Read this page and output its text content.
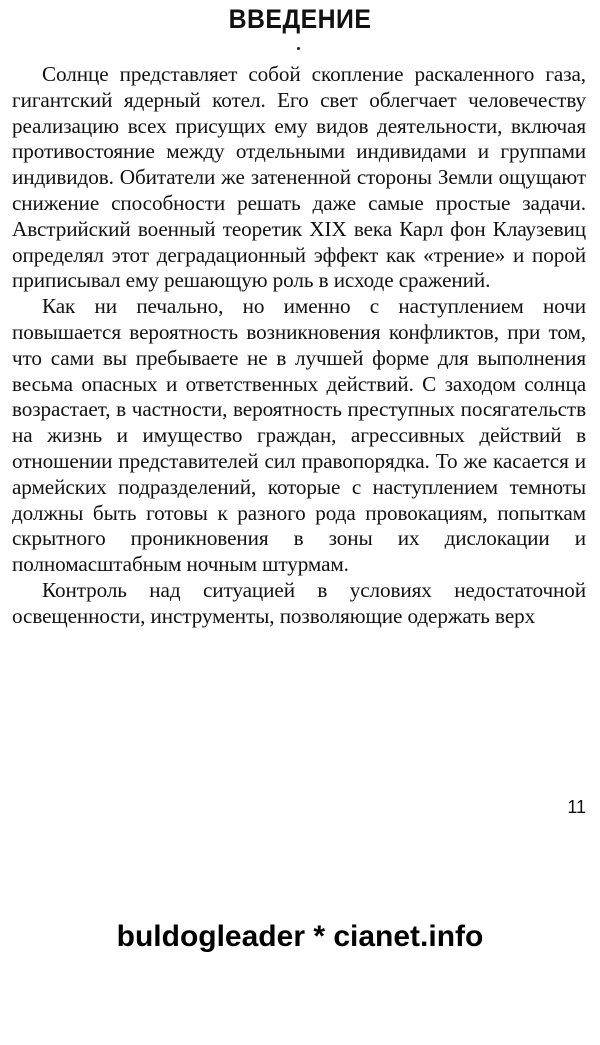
ВВЕДЕНИЕ

Солнце представляет собой скопление раскаленного газа, гигантский ядерный котел. Его свет облегчает человечеству реализацию всех присущих ему видов деятельности, включая противостояние между отдельными индивидами и группами индивидов. Обитатели же затененной стороны Земли ощущают снижение способности решать даже самые простые задачи. Австрийский военный теоретик XIX века Карл фон Клаузевиц определял этот деградационный эффект как «трение» и порой приписывал ему решающую роль в исходе сражений.

Как ни печально, но именно с наступлением ночи повышается вероятность возникновения конфликтов, при том, что сами вы пребываете не в лучшей форме для выполнения весьма опасных и ответственных действий. С заходом солнца возрастает, в частности, вероятность преступных посягательств на жизнь и имущество граждан, агрессивных действий в отношении представителей сил правопорядка. То же касается и армейских подразделений, которые с наступлением темноты должны быть готовы к разного рода провокациям, попыткам скрытного проникновения в зоны их дислокации и полномасштабным ночным штурмам.

Контроль над ситуацией в условиях недостаточной освещенности, инструменты, позволяющие одержать верх

11
buldogleader * cianet.info
